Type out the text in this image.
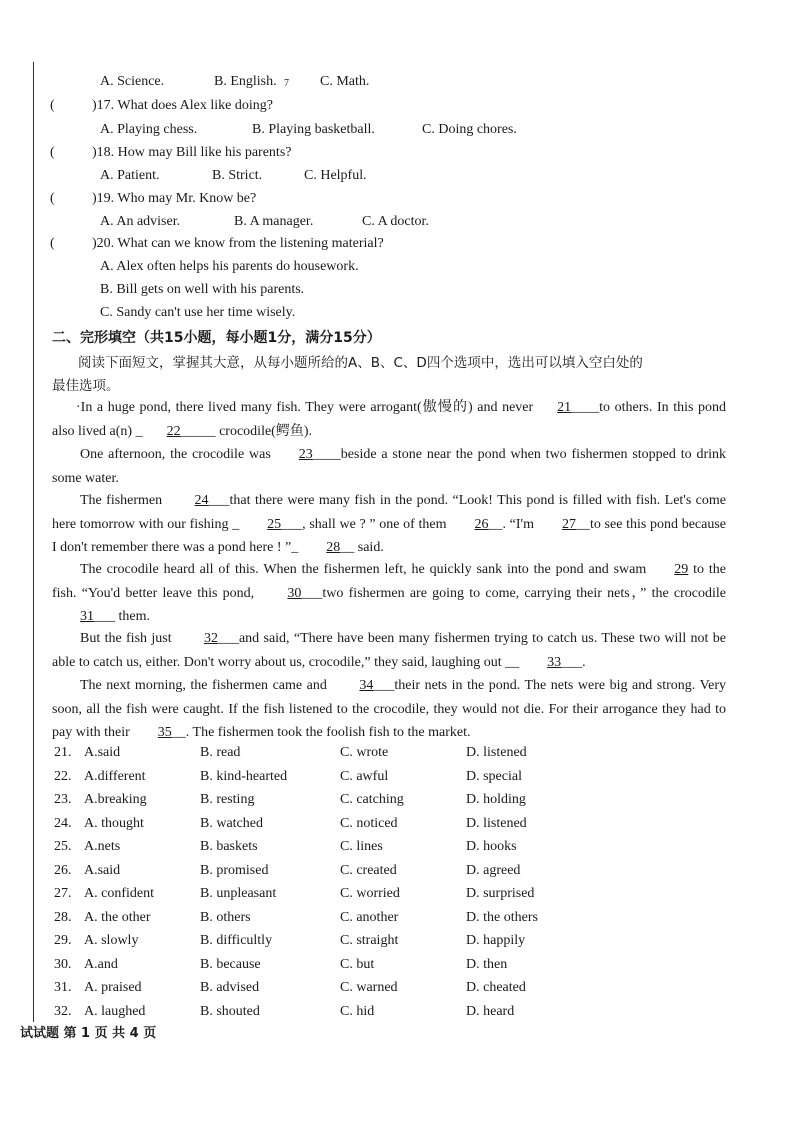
A. Science.	B. English. 7 C. Math.
(	)17. What does Alex like doing?
A. Playing chess.	B. Playing basketball.	C. Doing chores.
(	)18. How may Bill like his parents?
A. Patient.	B. Strict.	C. Helpful.
(	)19. Who may Mr. Know be?
A. An adviser.	B. A manager.	C. A doctor.
(	)20. What can we know from the listening material?
A. Alex often helps his parents do housework.
B. Bill gets on well with his parents.
C. Sandy can't use her time wisely.
二、完形填空（共15小题，每小题1分，满分15分）
阅读下面短文，掌握其大意，从每小题所给的A、B、C、D四个选项中，选出可以填入空白处的
最佳选项。
·In a huge pond, there lived many fish. They were arrogant(傲慢的) and never 21____to others. In this pond also lived a(n) _ 22_____ crocodile(鳄鱼).
One afternoon, the crocodile was 23____beside a stone near the pond when two fishermen stopped to drink some water.
The fishermen 24___that there were many fish in the pond. “Look! This pond is filled with fish. Let's come here tomorrow with our fishing _ 25___, shall we ? ” one of them 26__. “I'm 27__to see this pond because I don't remember there was a pond here ! ”_ 28__ said.
The crocodile heard all of this. When the fishermen left, he quickly sank into the pond and swam 29 to the fish. “You'd better leave this pond, 30___two fishermen are going to come, carrying their nets，” the crocodile 31___ them.
But the fish just 32___and said, “There have been many fishermen trying to catch us. These two will not be able to catch us, either. Don't worry about us, crocodile,” they said, laughing out __ 33___.
The next morning, the fishermen came and 34___their nets in the pond. The nets were big and strong. Very soon, all the fish were caught. If the fish listened to the crocodile, they would not die. For their arrogance they had to pay with their 35__. The fishermen took the foolish fish to the market.
21. A.said	B. read	C. wrote	D. listened
22. A.different	B. kind-hearted	C. awful	D. special
23. A.breaking	B. resting	C. catching	D. holding
24. A. thought	B. watched	C. noticed	D. listened
25. A.nets	B. baskets	C. lines	D. hooks
26. A.said	B. promised	C. created	D. agreed
27. A. confident	B. unpleasant	C. worried	D. surprised
28. A. the other	B. others	C. another	D. the others
29. A. slowly	B. difficultly	C. straight	D. happily
30. A.and	B. because	C. but	D. then
31. A. praised	B. advised	C. warned	D. cheated
32. A. laughed	B. shouted	C. hid	D. heard
试试题 第 1 页 共 4 页
